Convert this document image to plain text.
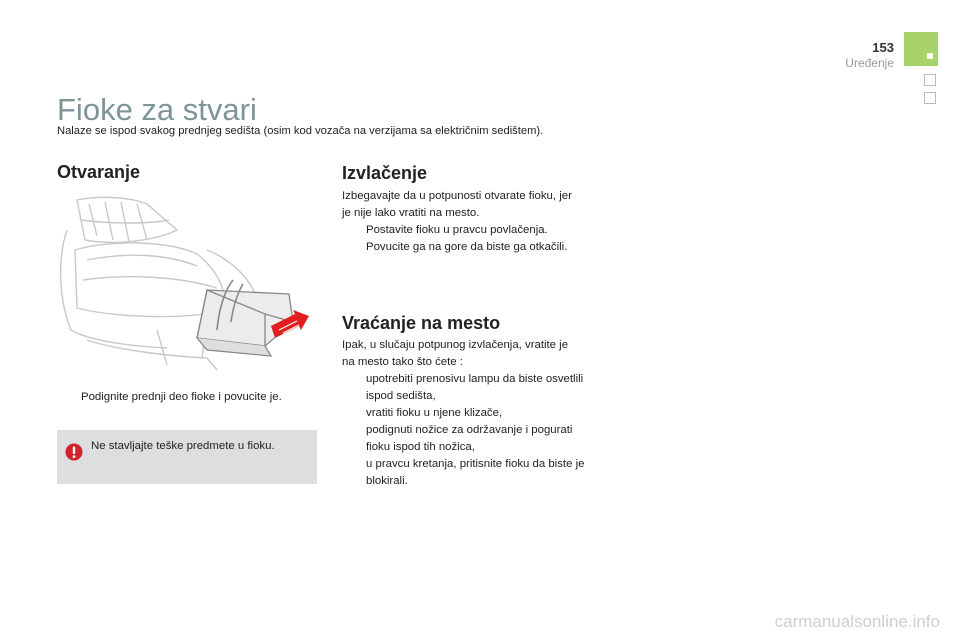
153
Uređenje
Fioke za stvari
Nalaze se ispod svakog prednjeg sedišta (osim kod vozača na verzijama sa električnim sedištem).
Otvaranje
Podignite prednji deo fioke i povucite je.
Ne stavljajte teške predmete u fioku.
Izvlačenje
Izbegavajte da u potpunosti otvarate fioku, jer
je nije lako vratiti na mesto.
Postavite fioku u pravcu povlačenja.
Povucite ga na gore da biste ga otkačili.
Vraćanje na mesto
Ipak, u slučaju potpunog izvlačenja, vratite je
na mesto tako što ćete :
upotrebiti prenosivu lampu da biste osvetlili
ispod sedišta,
vratiti fioku u njene klizače,
podignuti nožice za održavanje i pogurati
fioku ispod tih nožica,
u pravcu kretanja, pritisnite fioku da biste je
blokirali.
carmanualsonline.info
